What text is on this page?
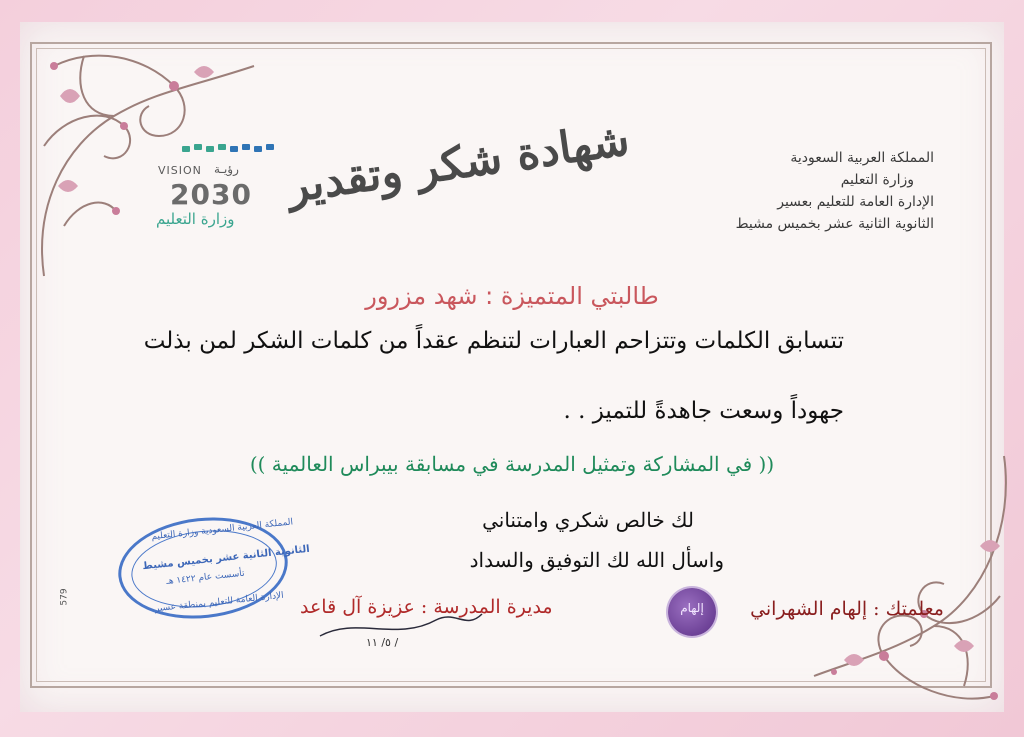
المملكة العربية السعودية
وزارة التعليم
الإدارة العامة للتعليم بعسير
الثانوية الثانية عشر بخميس مشيط
شهادة شكر وتقدير
VISION رؤيـة
2030
وزارة التعليم
طالبتي المتميزة : شهد مزرور
تتسابق الكلمات وتتزاحم العبارات لتنظم عقداً من كلمات الشكر لمن بذلت
جهوداً وسعت جاهدةً للتميز . .
(( في المشاركة وتمثيل المدرسة في مسابقة بيبراس العالمية ))
لك خالص شكري وامتناني
واسأل الله لك التوفيق والسداد
مديرة المدرسة : عزيزة آل قاعد
٥/ ١١ /
معلمتك : إلهام الشهراني
المملكة العربية السعودية وزارة التعليم
الثانوية الثانية عشر بخميس مشيط
تأسست عام ١٤٢٢ هـ
الإدارة العامة للتعليم بمنطقة عسير	إلهام
579
